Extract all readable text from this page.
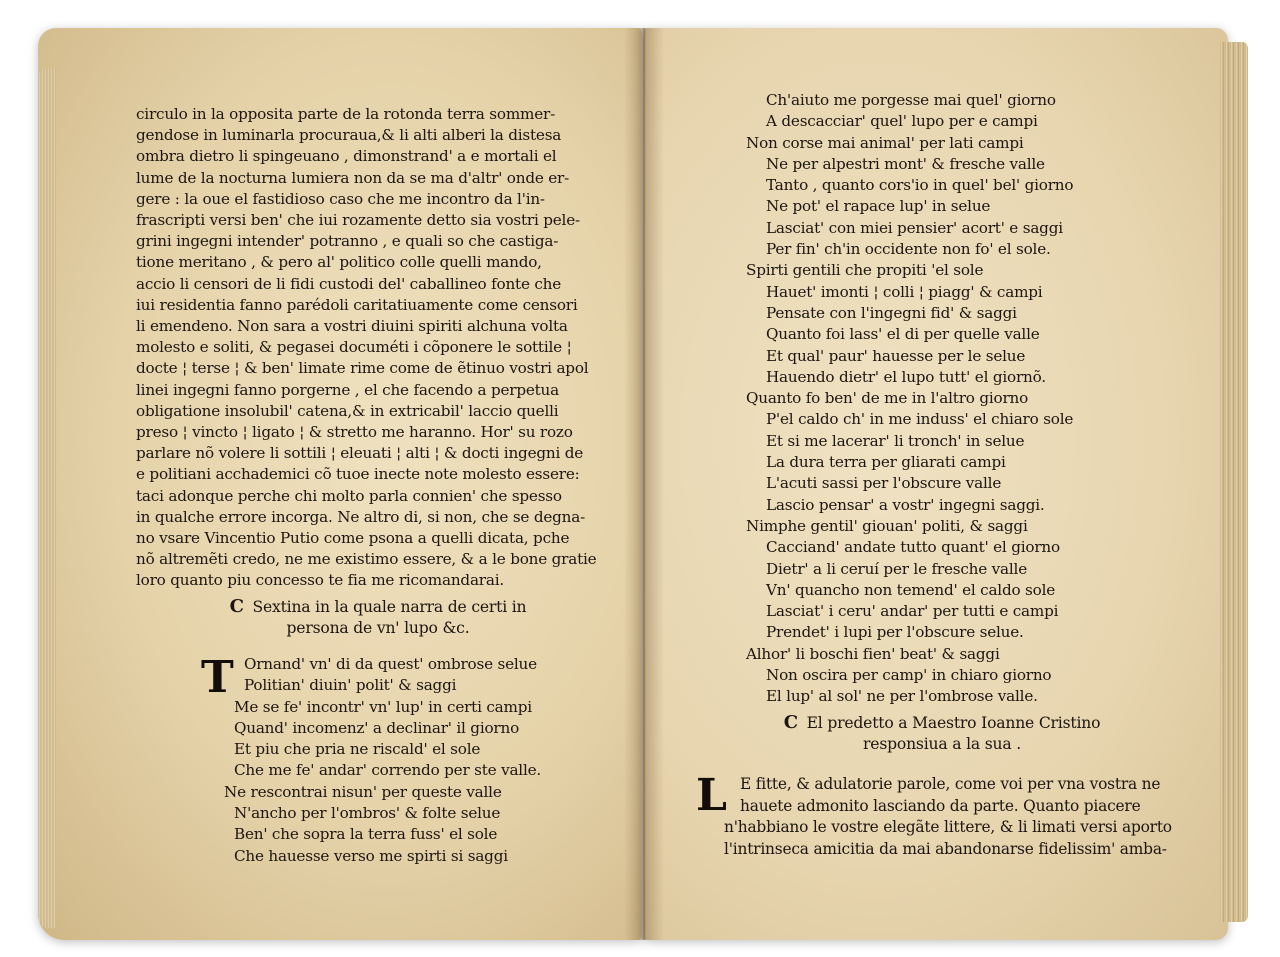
circulo in la opposita parte de la rotonda terra sommer-
gendose in luminarla procurauа,& li alti alberi la distesa
ombra dietro li spingeuano , dimonstrand' a e mortali el
lume de la nocturna lumiera non da se ma d'altr' onde er-
gere : la oue el fastidioso caso che me incontro da l'in-
frascripti versi ben' che iui rozamente detto sia vostri pele-
grini ingegni intender' potranno , e quali so che castiga-
tione meritano , & pero al' politico colle quelli mando,
accio li censori de li fidi custodi del' caballineo fonte che
iui residentia fanno parédoli caritatiuamente come censori
li emendeno. Non sara a vostri diuini spiriti alchuna volta
molesto e soliti, & pegasei documéti i cõponere le sottile ¦
docte ¦ terse ¦ & ben' limate rime come de ẽtinuo vostri apol
linei ingegni fanno porgerne , el che facendo a perpetua
obligatione insolubil' catena,& in extricabil' laccio quelli
preso ¦ vincto ¦ ligato ¦ & stretto me haranno. Hor' su rozo
parlare nõ volere li sottili ¦ eleuati ¦ alti ¦ & docti ingegni de
e politiani acchademici cõ tuoe inecte note molesto essere:
taci adonque perche chi molto parla connien' che spesso
in qualche errore incorga. Ne altro di, si non, che se degna-
no vsare Vincentio Putio come psona a quelli dicata, pche
nõ altremẽti credo, ne me existimo essere, & a le bone gratie
loro quanto piu concesso te fia me ricomandarai.
C Sextina in la quale narra de certi in
persona de vn' lupo &c.
T Ornand' vn' di da quest' ombrose selue
Politian' diuin' polit' & saggi
Me se fe' incontr' vn' lup' in certi campi
Quand' incomenz' a declinar' il giorno
Et piu che pria ne riscald' el sole
Che me fe' andar' correndo per ste valle.
Ne rescontrai nisun' per queste valle
N'ancho per l'ombros' & folte selue
Ben' che sopra la terra fuss' el sole
Che hauesse verso me spirti si saggi
Ch'aiuto me porgesse mai quel' giorno
A descacciar' quel' lupo per e campi
Non corse mai animal' per lati campi
Ne per alpestri mont' & fresche valle
Tanto , quanto cors'io in quel' bel' giorno
Ne pot' el rapace lup' in selue
Lasciat' con miei pensier' acort' e saggi
Per fin' ch'in occidente non fo' el sole.
Spirti gentili che propiti 'el sole
Hauet' imonti ¦ colli ¦ piagg' & campi
Pensate con l'ingegni fid' & saggi
Quanto foi lass' el di per quelle valle
Et qual' paur' hauesse per le selue
Hauendo dietr' el lupo tutt' el giornõ.
Quanto fo ben' de me in l'altro giorno
P'el caldo ch' in me induss' el chiaro sole
Et si me lacerar' li tronch' in selue
La dura terra per gliarati campi
L'acuti sassi per l'obscure valle
Lascio pensar' a vostr' ingegni saggi.
Nimphe gentil' giouan' politi, & saggi
Cacciand' andate tutto quant' el giorno
Dietr' a li ceruí per le fresche valle
Vn' quancho non temend' el caldo sole
Lasciat' i ceru' andar' per tutti e campi
Prendet' i lupi per l'obscure selue.
Alhor' li boschi fien' beat' & saggi
Non oscira per camp' in chiaro giorno
El lup' al sol' ne per l'ombrose valle.
C El predetto a Maestro Ioanne Cristino
responsiua a la sua .
L E fitte, & adulatorie parole, come voi per vna vostra ne
hauete admonito lasciando da parte. Quanto piacere
n'habbiano le vostre elegãte littere, & li limati versi aporto
l'intrinseca amicitia da mai abandonarse fidelissim' amba-
